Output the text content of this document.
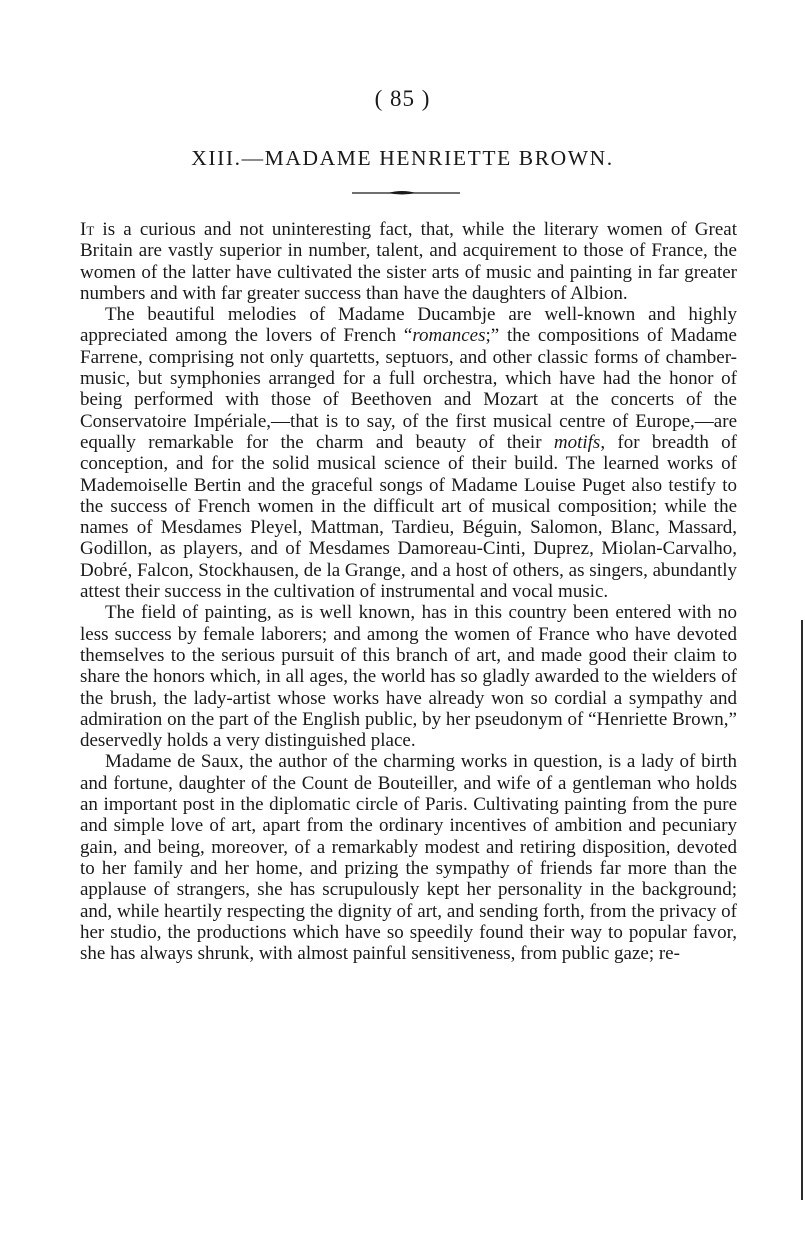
( 85 )
XIII.—MADAME HENRIETTE BROWN.

It is a curious and not uninteresting fact, that, while the literary women of Great Britain are vastly superior in number, talent, and acquirement to those of France, the women of the latter have cultivated the sister arts of music and painting in far greater numbers and with far greater success than have the daughters of Albion.

The beautiful melodies of Madame Ducambje are well-known and highly appreciated among the lovers of French “romances;” the compositions of Madame Farrene, comprising not only quartetts, septuors, and other classic forms of chamber-music, but symphonies arranged for a full orchestra, which have had the honor of being performed with those of Beethoven and Mozart at the concerts of the Conservatoire Impériale,—that is to say, of the first musical centre of Europe,—are equally remarkable for the charm and beauty of their motifs, for breadth of conception, and for the solid musical science of their build. The learned works of Mademoiselle Bertin and the graceful songs of Madame Louise Puget also testify to the success of French women in the difficult art of musical composition; while the names of Mesdames Pleyel, Mattman, Tardieu, Béguin, Salomon, Blanc, Massard, Godillon, as players, and of Mesdames Damoreau-Cinti, Duprez, Miolan-Carvalho, Dobré, Falcon, Stockhausen, de la Grange, and a host of others, as singers, abundantly attest their success in the cultivation of instrumental and vocal music.

The field of painting, as is well known, has in this country been entered with no less success by female laborers; and among the women of France who have devoted themselves to the serious pursuit of this branch of art, and made good their claim to share the honors which, in all ages, the world has so gladly awarded to the wielders of the brush, the lady-artist whose works have already won so cordial a sympathy and admiration on the part of the English public, by her pseudonym of “Henriette Brown,” deservedly holds a very distinguished place.

Madame de Saux, the author of the charming works in question, is a lady of birth and fortune, daughter of the Count de Bouteiller, and wife of a gentleman who holds an important post in the diplomatic circle of Paris. Cultivating painting from the pure and simple love of art, apart from the ordinary incentives of ambition and pecuniary gain, and being, moreover, of a remarkably modest and retiring disposition, devoted to her family and her home, and prizing the sympathy of friends far more than the applause of strangers, she has scrupulously kept her personality in the background; and, while heartily respecting the dignity of art, and sending forth, from the privacy of her studio, the productions which have so speedily found their way to popular favor, she has always shrunk, with almost painful sensitiveness, from public gaze; re-
